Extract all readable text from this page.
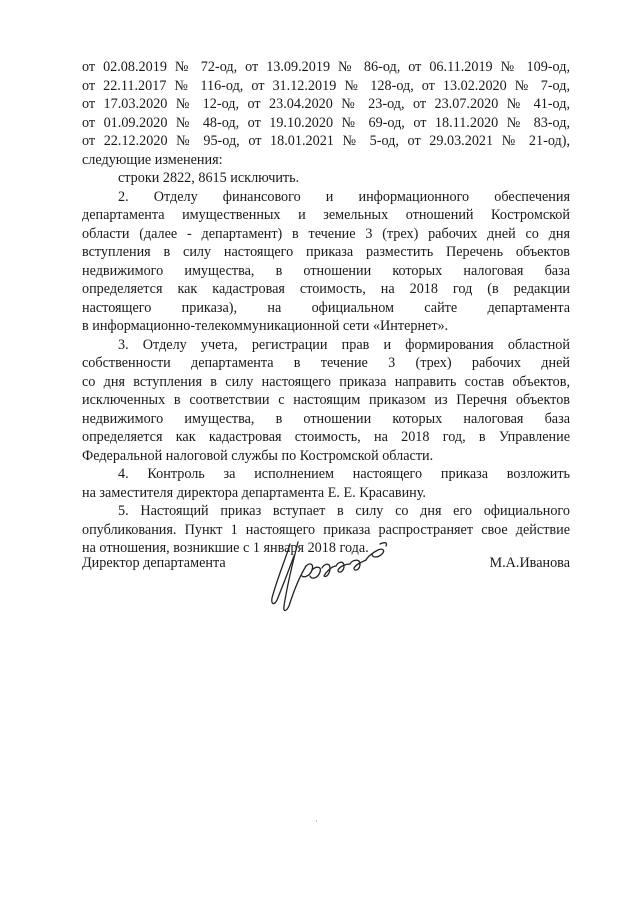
от 02.08.2019 № 72-од, от 13.09.2019 № 86-од, от 06.11.2019 № 109-од,
от 22.11.2017 № 116-од, от 31.12.2019 № 128-од, от 13.02.2020 № 7-од,
от 17.03.2020 № 12-од, от 23.04.2020 № 23-од, от 23.07.2020 № 41-од,
от 01.09.2020 № 48-од, от 19.10.2020 № 69-од, от 18.11.2020 № 83-од,
от 22.12.2020 № 95-од, от 18.01.2021 № 5-од, от 29.03.2021 № 21-од),
следующие изменения:

строки 2822, 8615 исключить.

2. Отделу финансового и информационного обеспечения
департамента имущественных и земельных отношений Костромской
области (далее - департамент) в течение 3 (трех) рабочих дней со дня
вступления в силу настоящего приказа разместить Перечень объектов
недвижимого имущества, в отношении которых налоговая база
определяется как кадастровая стоимость, на 2018 год (в редакции
настоящего приказа), на официальном сайте департамента
в информационно-телекоммуникационной сети «Интернет».

3. Отделу учета, регистрации прав и формирования областной
собственности департамента в течение 3 (трех) рабочих дней
со дня вступления в силу настоящего приказа направить состав объектов,
исключенных в соответствии с настоящим приказом из Перечня объектов
недвижимого имущества, в отношении которых налоговая база
определяется как кадастровая стоимость, на 2018 год, в Управление
Федеральной налоговой службы по Костромской области.

4. Контроль за исполнением настоящего приказа возложить
на заместителя директора департамента Е. Е. Красавину.

5. Настоящий приказ вступает в силу со дня его официального
опубликования. Пункт 1 настоящего приказа распространяет свое действие
на отношения, возникшие с 1 января 2018 года.

Директор департамента	М.А.Иванова
